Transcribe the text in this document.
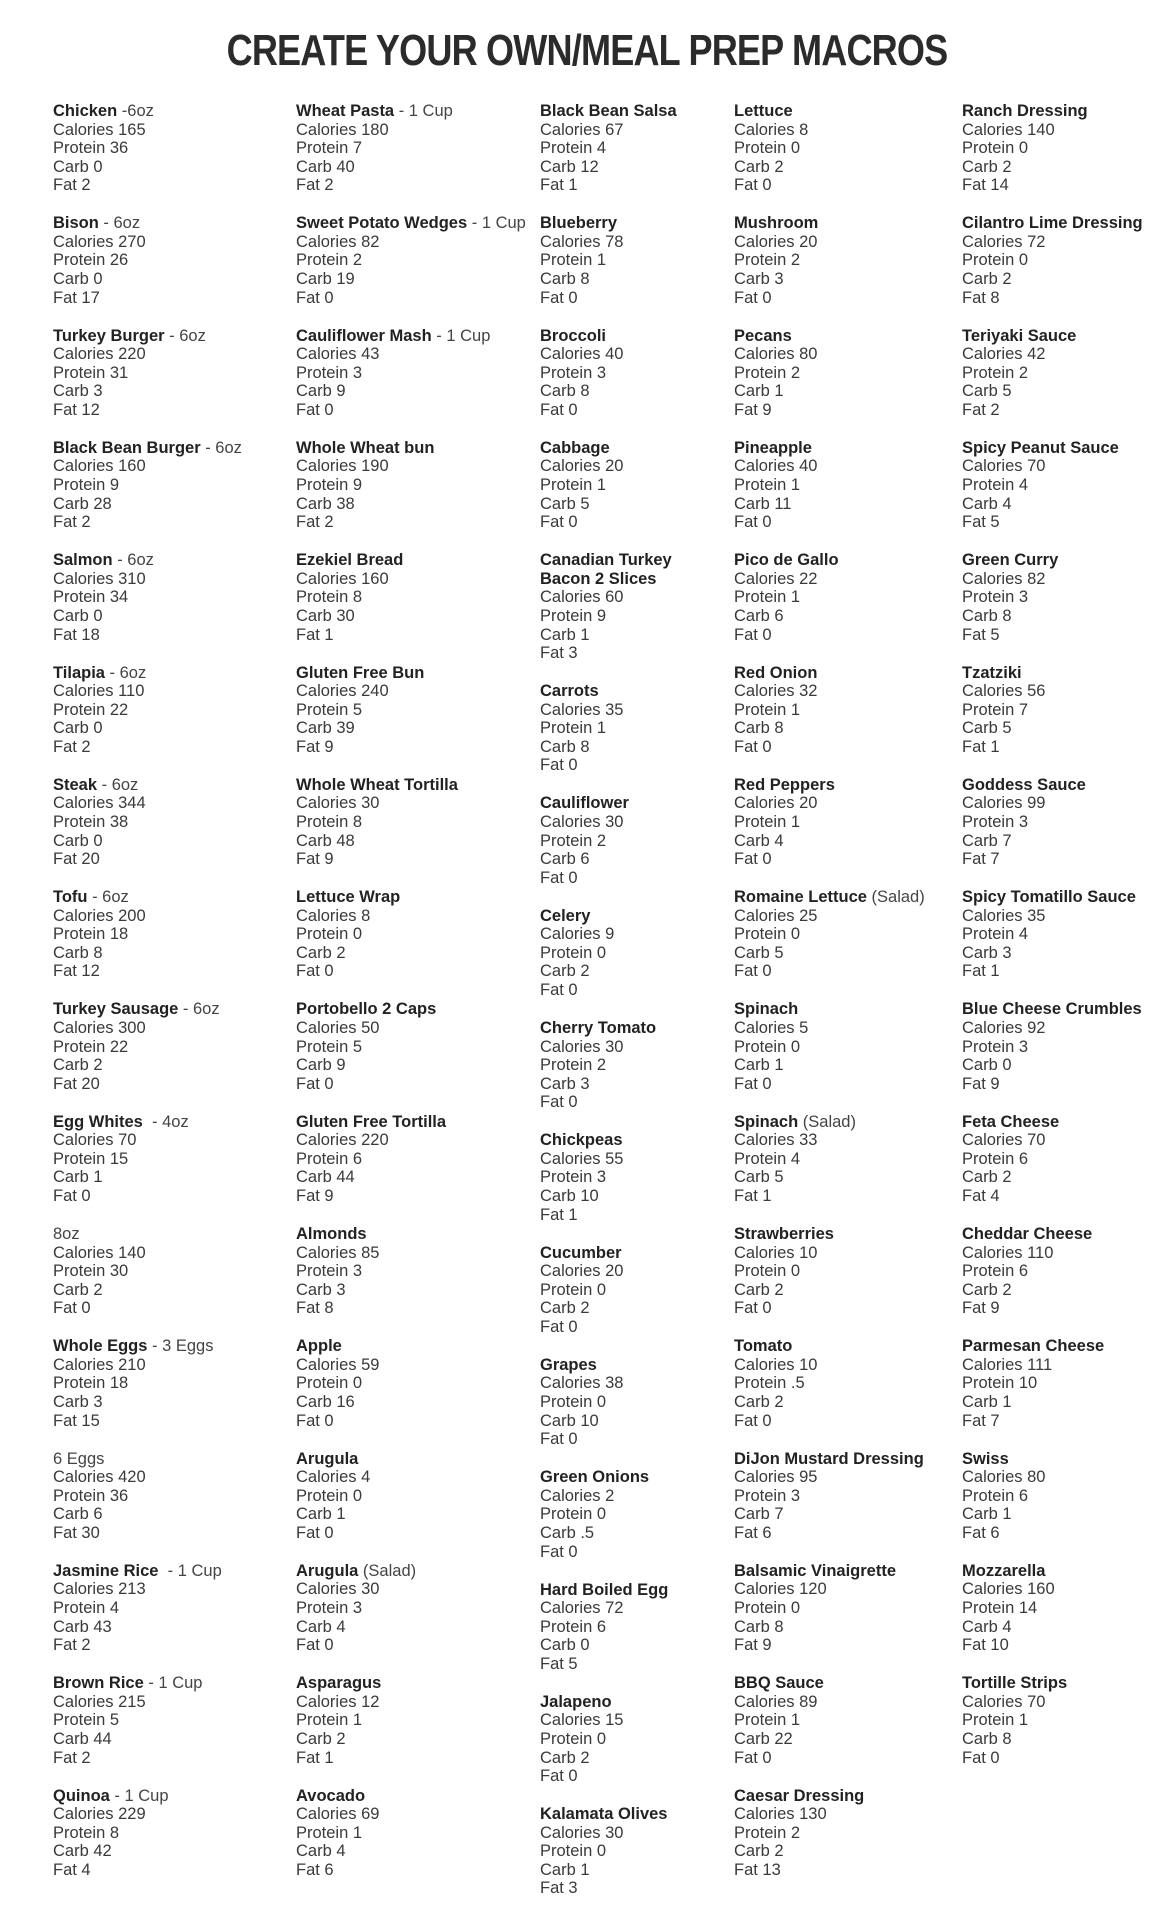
CREATE YOUR OWN/MEAL PREP MACROS
Chicken -6oz
Calories 165
Protein 36
Carb 0
Fat 2
Bison - 6oz
Calories 270
Protein 26
Carb 0
Fat 17
Turkey Burger - 6oz
Calories 220
Protein 31
Carb 3
Fat 12
Black Bean Burger - 6oz
Calories 160
Protein 9
Carb 28
Fat 2
Salmon - 6oz
Calories 310
Protein 34
Carb 0
Fat 18
Tilapia - 6oz
Calories 110
Protein 22
Carb 0
Fat 2
Steak - 6oz
Calories 344
Protein 38
Carb 0
Fat 20
Tofu - 6oz
Calories 200
Protein 18
Carb 8
Fat 12
Turkey Sausage - 6oz
Calories 300
Protein 22
Carb 2
Fat 20
Egg Whites  - 4oz
Calories 70
Protein 15
Carb 1
Fat 0
8oz
Calories 140
Protein 30
Carb 2
Fat 0
Whole Eggs - 3 Eggs
Calories 210
Protein 18
Carb 3
Fat 15
6 Eggs
Calories 420
Protein 36
Carb 6
Fat 30
Jasmine Rice  - 1 Cup
Calories 213
Protein 4
Carb 43
Fat 2
Brown Rice - 1 Cup
Calories 215
Protein 5
Carb 44
Fat 2
Quinoa - 1 Cup
Calories 229
Protein 8
Carb 42
Fat 4
Wheat Pasta - 1 Cup
Calories 180
Protein 7
Carb 40
Fat 2
Sweet Potato Wedges - 1 Cup
Calories 82
Protein 2
Carb 19
Fat 0
Cauliflower Mash - 1 Cup
Calories 43
Protein 3
Carb 9
Fat 0
Whole Wheat bun
Calories 190
Protein 9
Carb 38
Fat 2
Ezekiel Bread
Calories 160
Protein 8
Carb 30
Fat 1
Gluten Free Bun
Calories 240
Protein 5
Carb 39
Fat 9
Whole Wheat Tortilla
Calories 30
Protein 8
Carb 48
Fat 9
Lettuce Wrap
Calories 8
Protein 0
Carb 2
Fat 0
Portobello 2 Caps
Calories 50
Protein 5
Carb 9
Fat 0
Gluten Free Tortilla
Calories 220
Protein 6
Carb 44
Fat 9
Almonds
Calories 85
Protein 3
Carb 3
Fat 8
Apple
Calories 59
Protein 0
Carb 16
Fat 0
Arugula
Calories 4
Protein 0
Carb 1
Fat 0
Arugula (Salad)
Calories 30
Protein 3
Carb 4
Fat 0
Asparagus
Calories 12
Protein 1
Carb 2
Fat 1
Avocado
Calories 69
Protein 1
Carb 4
Fat 6
Black Bean Salsa
Calories 67
Protein 4
Carb 12
Fat 1
Blueberry
Calories 78
Protein 1
Carb 8
Fat 0
Broccoli
Calories 40
Protein 3
Carb 8
Fat 0
Cabbage
Calories 20
Protein 1
Carb 5
Fat 0
Canadian Turkey
Bacon 2 Slices
Calories 60
Protein 9
Carb 1
Fat 3
Carrots
Calories 35
Protein 1
Carb 8
Fat 0
Cauliflower
Calories 30
Protein 2
Carb 6
Fat 0
Celery
Calories 9
Protein 0
Carb 2
Fat 0
Cherry Tomato
Calories 30
Protein 2
Carb 3
Fat 0
Chickpeas
Calories 55
Protein 3
Carb 10
Fat 1
Cucumber
Calories 20
Protein 0
Carb 2
Fat 0
Grapes
Calories 38
Protein 0
Carb 10
Fat 0
Green Onions
Calories 2
Protein 0
Carb .5
Fat 0
Hard Boiled Egg
Calories 72
Protein 6
Carb 0
Fat 5
Jalapeno
Calories 15
Protein 0
Carb 2
Fat 0
Kalamata Olives
Calories 30
Protein 0
Carb 1
Fat 3
Lettuce
Calories 8
Protein 0
Carb 2
Fat 0
Mushroom
Calories 20
Protein 2
Carb 3
Fat 0
Pecans
Calories 80
Protein 2
Carb 1
Fat 9
Pineapple
Calories 40
Protein 1
Carb 11
Fat 0
Pico de Gallo
Calories 22
Protein 1
Carb 6
Fat 0
Red Onion
Calories 32
Protein 1
Carb 8
Fat 0
Red Peppers
Calories 20
Protein 1
Carb 4
Fat 0
Romaine Lettuce (Salad)
Calories 25
Protein 0
Carb 5
Fat 0
Spinach
Calories 5
Protein 0
Carb 1
Fat 0
Spinach (Salad)
Calories 33
Protein 4
Carb 5
Fat 1
Strawberries
Calories 10
Protein 0
Carb 2
Fat 0
Tomato
Calories 10
Protein .5
Carb 2
Fat 0
DiJon Mustard Dressing
Calories 95
Protein 3
Carb 7
Fat 6
Balsamic Vinaigrette
Calories 120
Protein 0
Carb 8
Fat 9
BBQ Sauce
Calories 89
Protein 1
Carb 22
Fat 0
Caesar Dressing
Calories 130
Protein 2
Carb 2
Fat 13
Ranch Dressing
Calories 140
Protein 0
Carb 2
Fat 14
Cilantro Lime Dressing
Calories 72
Protein 0
Carb 2
Fat 8
Teriyaki Sauce
Calories 42
Protein 2
Carb 5
Fat 2
Spicy Peanut Sauce
Calories 70
Protein 4
Carb 4
Fat 5
Green Curry
Calories 82
Protein 3
Carb 8
Fat 5
Tzatziki
Calories 56
Protein 7
Carb 5
Fat 1
Goddess Sauce
Calories 99
Protein 3
Carb 7
Fat 7
Spicy Tomatillo Sauce
Calories 35
Protein 4
Carb 3
Fat 1
Blue Cheese Crumbles
Calories 92
Protein 3
Carb 0
Fat 9
Feta Cheese
Calories 70
Protein 6
Carb 2
Fat 4
Cheddar Cheese
Calories 110
Protein 6
Carb 2
Fat 9
Parmesan Cheese
Calories 111
Protein 10
Carb 1
Fat 7
Swiss
Calories 80
Protein 6
Carb 1
Fat 6
Mozzarella
Calories 160
Protein 14
Carb 4
Fat 10
Tortille Strips
Calories 70
Protein 1
Carb 8
Fat 0
